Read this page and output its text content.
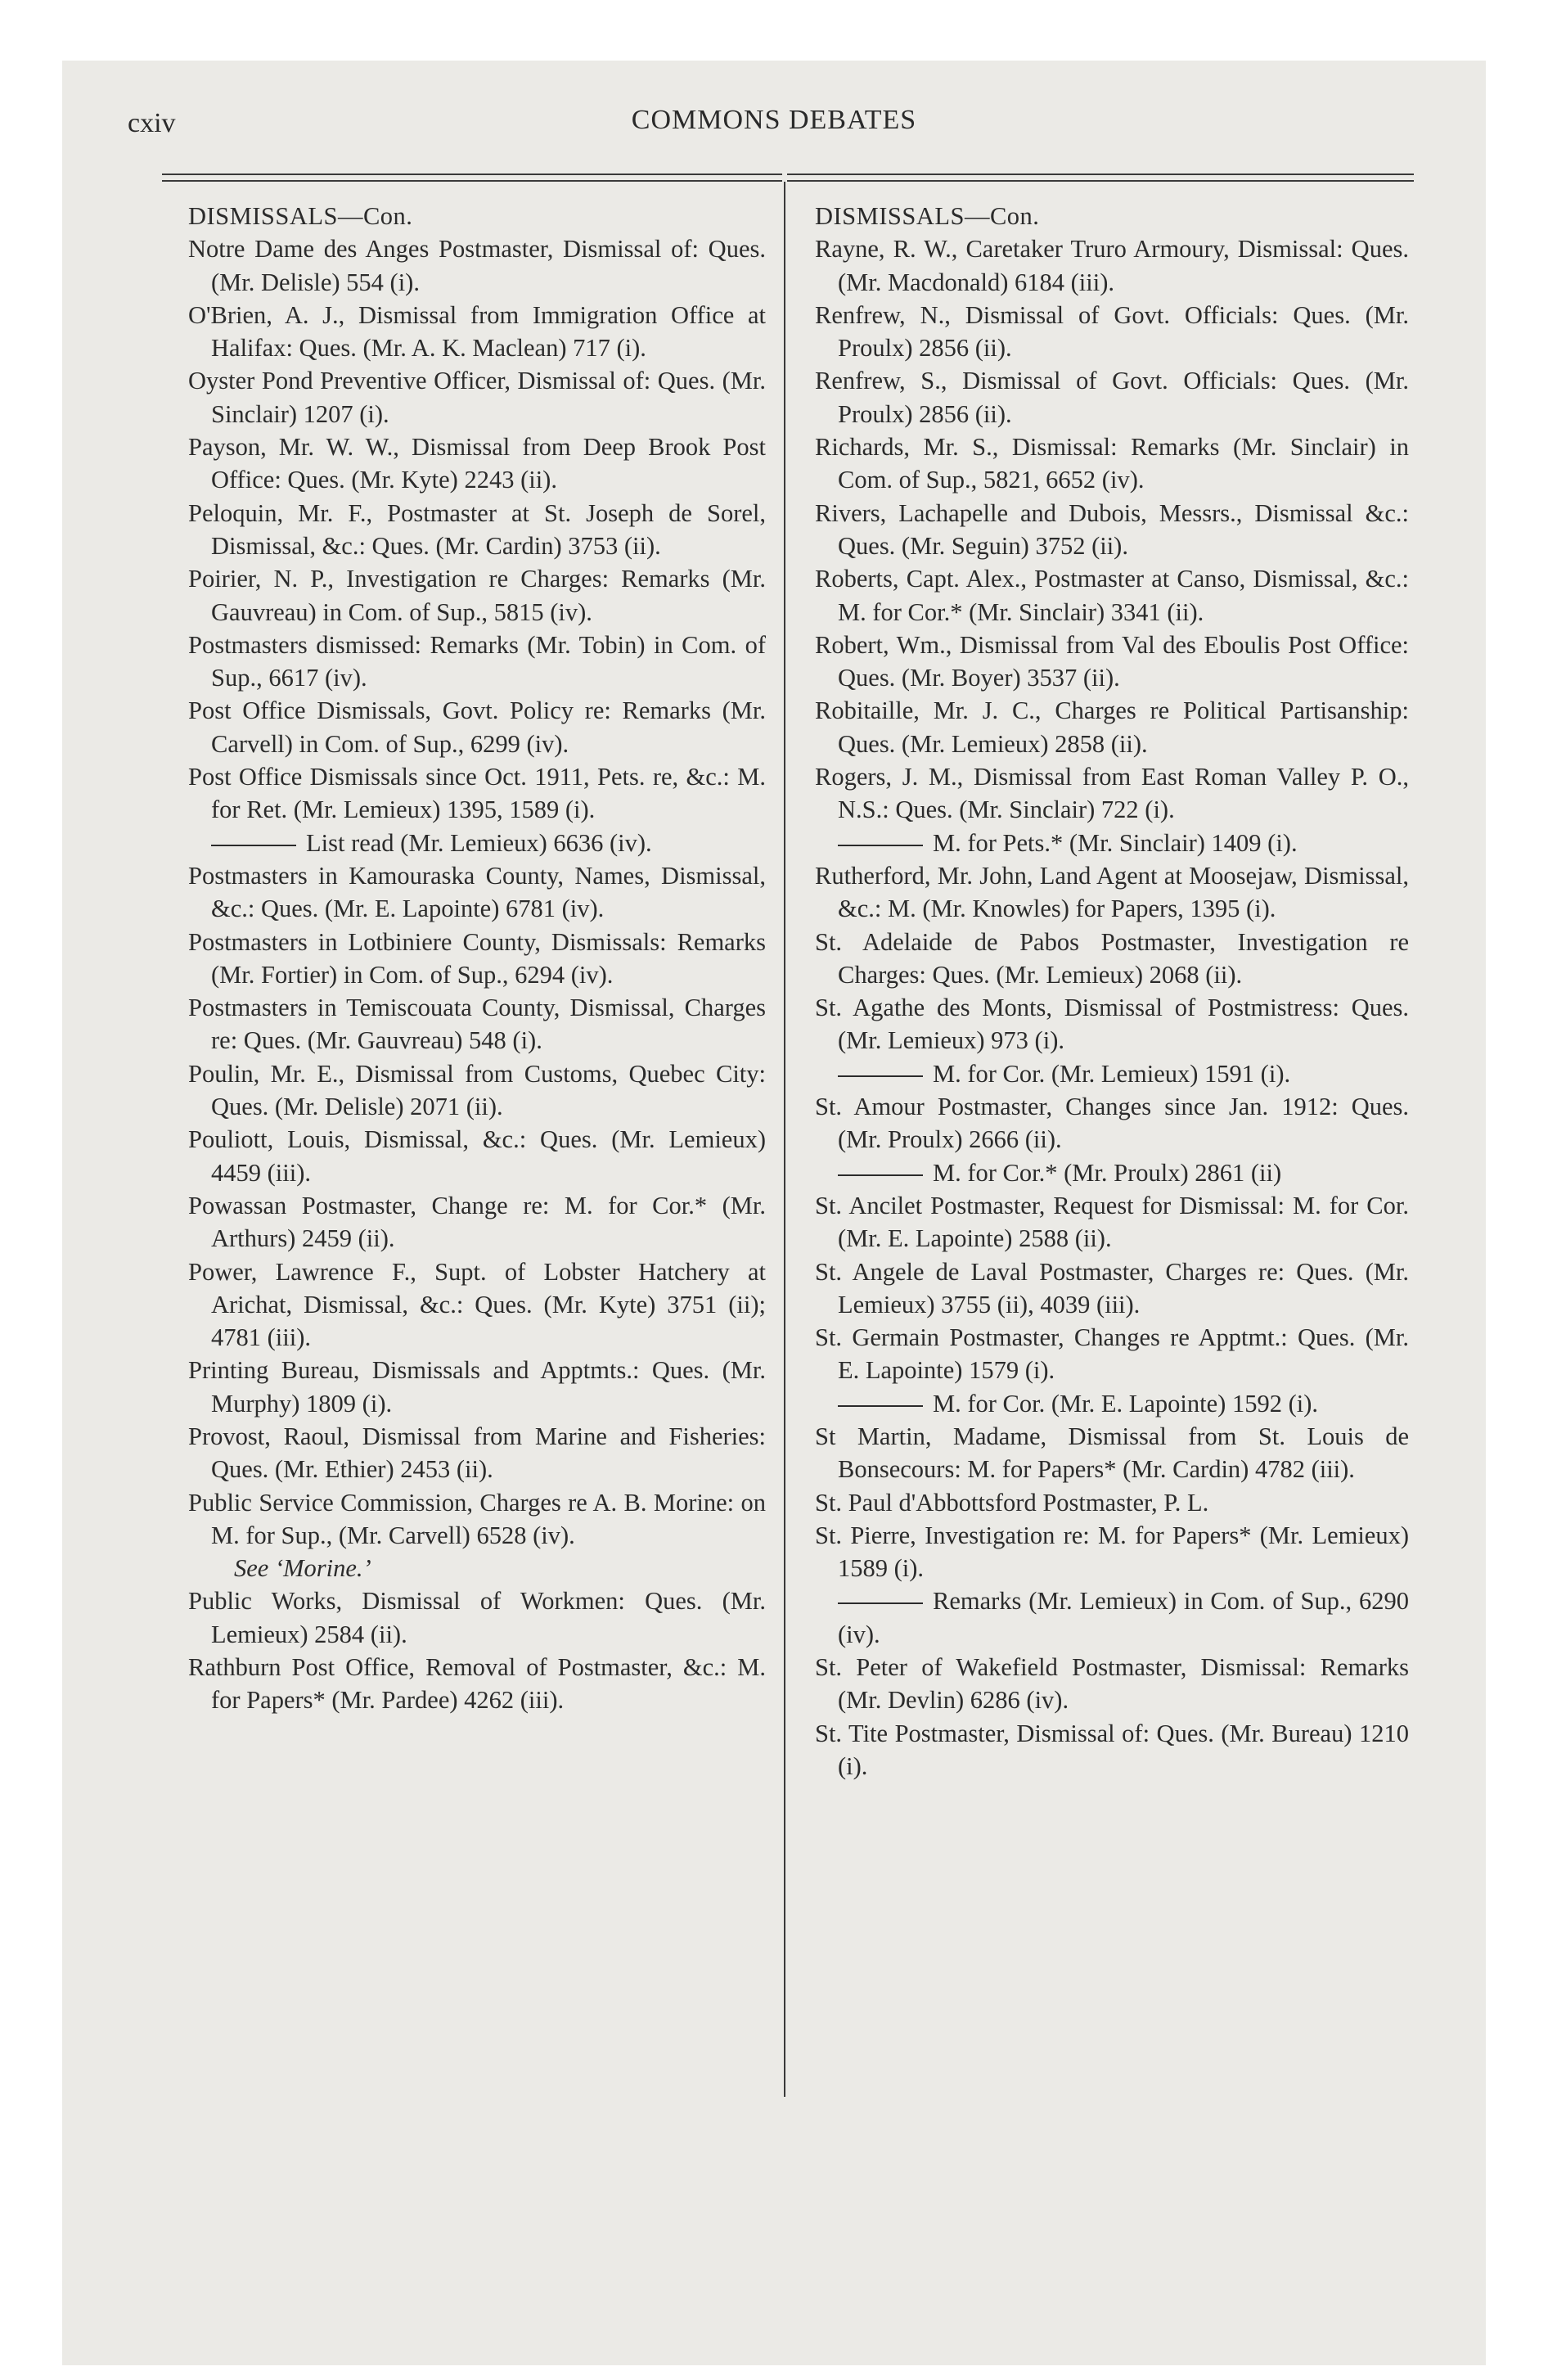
cxiv	COMMONS DEBATES

DISMISSALS—Con.

Notre Dame des Anges Postmaster, Dismissal of: Ques. (Mr. Delisle) 554 (i).

O'Brien, A. J., Dismissal from Immigration Office at Halifax: Ques. (Mr. A. K. Maclean) 717 (i).

Oyster Pond Preventive Officer, Dismissal of: Ques. (Mr. Sinclair) 1207 (i).

Payson, Mr. W. W., Dismissal from Deep Brook Post Office: Ques. (Mr. Kyte) 2243 (ii).

Peloquin, Mr. F., Postmaster at St. Joseph de Sorel, Dismissal, &c.: Ques. (Mr. Cardin) 3753 (ii).

Poirier, N. P., Investigation re Charges: Remarks (Mr. Gauvreau) in Com. of Sup., 5815 (iv).

Postmasters dismissed: Remarks (Mr. Tobin) in Com. of Sup., 6617 (iv).

Post Office Dismissals, Govt. Policy re: Remarks (Mr. Carvell) in Com. of Sup., 6299 (iv).

Post Office Dismissals since Oct. 1911, Pets. re, &c.: M. for Ret. (Mr. Lemieux) 1395, 1589 (i).

List read (Mr. Lemieux) 6636 (iv).

Postmasters in Kamouraska County, Names, Dismissal, &c.: Ques. (Mr. E. Lapointe) 6781 (iv).

Postmasters in Lotbiniere County, Dismissals: Remarks (Mr. Fortier) in Com. of Sup., 6294 (iv).

Postmasters in Temiscouata County, Dismissal, Charges re: Ques. (Mr. Gauvreau) 548 (i).

Poulin, Mr. E., Dismissal from Customs, Quebec City: Ques. (Mr. Delisle) 2071 (ii).

Pouliott, Louis, Dismissal, &c.: Ques. (Mr. Lemieux) 4459 (iii).

Powassan Postmaster, Change re: M. for Cor.* (Mr. Arthurs) 2459 (ii).

Power, Lawrence F., Supt. of Lobster Hatchery at Arichat, Dismissal, &c.: Ques. (Mr. Kyte) 3751 (ii); 4781 (iii).

Printing Bureau, Dismissals and Apptmts.: Ques. (Mr. Murphy) 1809 (i).

Provost, Raoul, Dismissal from Marine and Fisheries: Ques. (Mr. Ethier) 2453 (ii).

Public Service Commission, Charges re A. B. Morine: on M. for Sup., (Mr. Carvell) 6528 (iv).

See ‘Morine.’

Public Works, Dismissal of Workmen: Ques. (Mr. Lemieux) 2584 (ii).

Rathburn Post Office, Removal of Postmaster, &c.: M. for Papers* (Mr. Pardee) 4262 (iii).

DISMISSALS—Con.

Rayne, R. W., Caretaker Truro Armoury, Dismissal: Ques. (Mr. Macdonald) 6184 (iii).

Renfrew, N., Dismissal of Govt. Officials: Ques. (Mr. Proulx) 2856 (ii).

Renfrew, S., Dismissal of Govt. Officials: Ques. (Mr. Proulx) 2856 (ii).

Richards, Mr. S., Dismissal: Remarks (Mr. Sinclair) in Com. of Sup., 5821, 6652 (iv).

Rivers, Lachapelle and Dubois, Messrs., Dismissal &c.: Ques. (Mr. Seguin) 3752 (ii).

Roberts, Capt. Alex., Postmaster at Canso, Dismissal, &c.: M. for Cor.* (Mr. Sinclair) 3341 (ii).

Robert, Wm., Dismissal from Val des Eboulis Post Office: Ques. (Mr. Boyer) 3537 (ii).

Robitaille, Mr. J. C., Charges re Political Partisanship: Ques. (Mr. Lemieux) 2858 (ii).

Rogers, J. M., Dismissal from East Roman Valley P. O., N.S.: Ques. (Mr. Sinclair) 722 (i).

M. for Pets.* (Mr. Sinclair) 1409 (i).

Rutherford, Mr. John, Land Agent at Moosejaw, Dismissal, &c.: M. (Mr. Knowles) for Papers, 1395 (i).

St. Adelaide de Pabos Postmaster, Investigation re Charges: Ques. (Mr. Lemieux) 2068 (ii).

St. Agathe des Monts, Dismissal of Postmistress: Ques. (Mr. Lemieux) 973 (i).

M. for Cor. (Mr. Lemieux) 1591 (i).

St. Amour Postmaster, Changes since Jan. 1912: Ques. (Mr. Proulx) 2666 (ii).

M. for Cor.* (Mr. Proulx) 2861 (ii)

St. Ancilet Postmaster, Request for Dismissal: M. for Cor. (Mr. E. Lapointe) 2588 (ii).

St. Angele de Laval Postmaster, Charges re: Ques. (Mr. Lemieux) 3755 (ii), 4039 (iii).

St. Germain Postmaster, Changes re Apptmt.: Ques. (Mr. E. Lapointe) 1579 (i).

M. for Cor. (Mr. E. Lapointe) 1592 (i).

St Martin, Madame, Dismissal from St. Louis de Bonsecours: M. for Papers* (Mr. Cardin) 4782 (iii).

St. Paul d'Abbottsford Postmaster, P. L.

St. Pierre, Investigation re: M. for Papers* (Mr. Lemieux) 1589 (i).

Remarks (Mr. Lemieux) in Com. of Sup., 6290 (iv).

St. Peter of Wakefield Postmaster, Dismissal: Remarks (Mr. Devlin) 6286 (iv).

St. Tite Postmaster, Dismissal of: Ques. (Mr. Bureau) 1210 (i).
